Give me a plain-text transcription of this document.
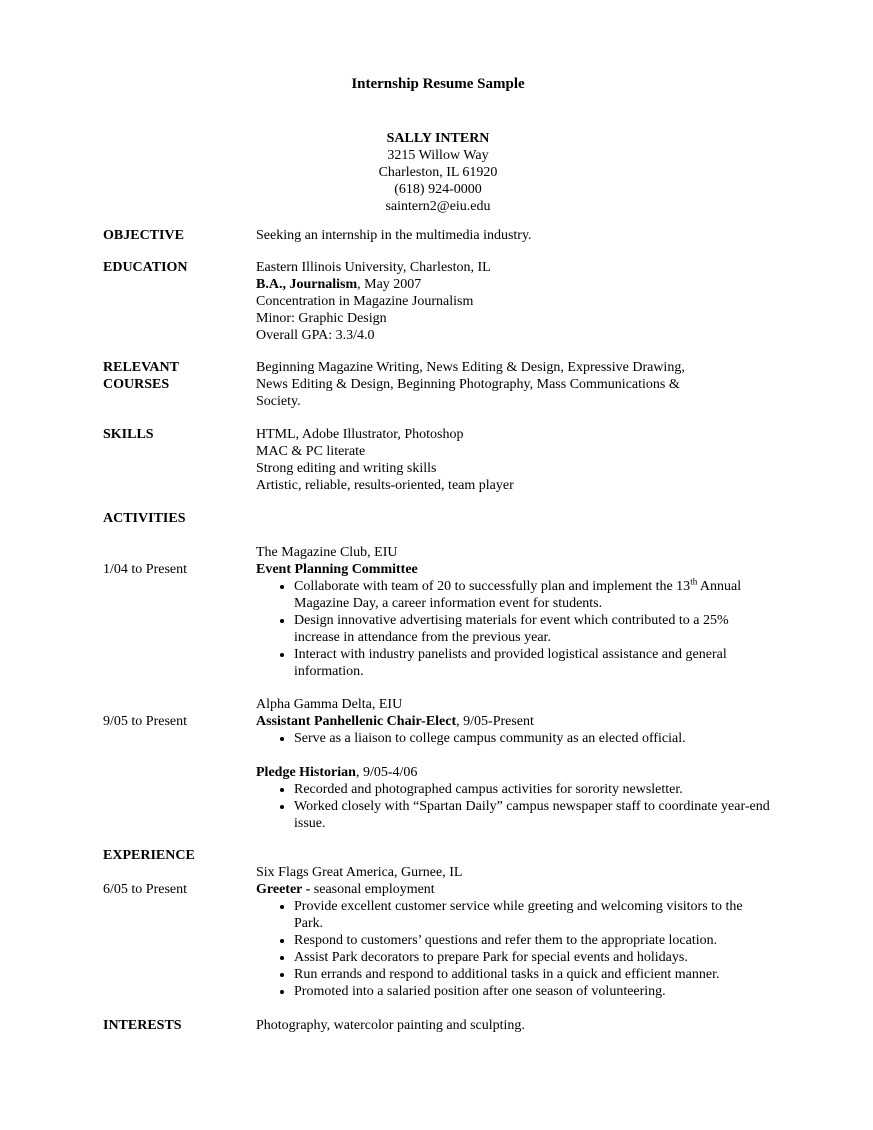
Internship Resume Sample
SALLY INTERN
3215 Willow Way
Charleston, IL 61920
(618) 924-0000
saintern2@eiu.edu
OBJECTIVE	Seeking an internship in the multimedia industry.
EDUCATION	Eastern Illinois University, Charleston, IL
B.A., Journalism, May 2007
Concentration in Magazine Journalism
Minor: Graphic Design
Overall GPA: 3.3/4.0
RELEVANT
COURSES
Beginning Magazine Writing, News Editing & Design, Expressive Drawing,
News Editing & Design, Beginning Photography, Mass Communications &
Society.
SKILLS	HTML, Adobe Illustrator, Photoshop
MAC & PC literate
Strong editing and writing skills
Artistic, reliable, results-oriented, team player
ACTIVITIES
The Magazine Club, EIU
1/04 to Present	Event Planning Committee
• Collaborate with team of 20 to successfully plan and implement the 13th Annual Magazine Day, a career information event for students.
• Design innovative advertising materials for event which contributed to a 25% increase in attendance from the previous year.
• Interact with industry panelists and provided logistical assistance and general information.
Alpha Gamma Delta, EIU
9/05 to Present	Assistant Panhellenic Chair-Elect, 9/05-Present
• Serve as a liaison to college campus community as an elected official.
Pledge Historian, 9/05-4/06
• Recorded and photographed campus activities for sorority newsletter.
• Worked closely with “Spartan Daily” campus newspaper staff to coordinate year-end issue.
EXPERIENCE
Six Flags Great America, Gurnee, IL
6/05 to Present	Greeter - seasonal employment
• Provide excellent customer service while greeting and welcoming visitors to the Park.
• Respond to customers’ questions and refer them to the appropriate location.
• Assist Park decorators to prepare Park for special events and holidays.
• Run errands and respond to additional tasks in a quick and efficient manner.
• Promoted into a salaried position after one season of volunteering.
INTERESTS	Photography, watercolor painting and sculpting.
